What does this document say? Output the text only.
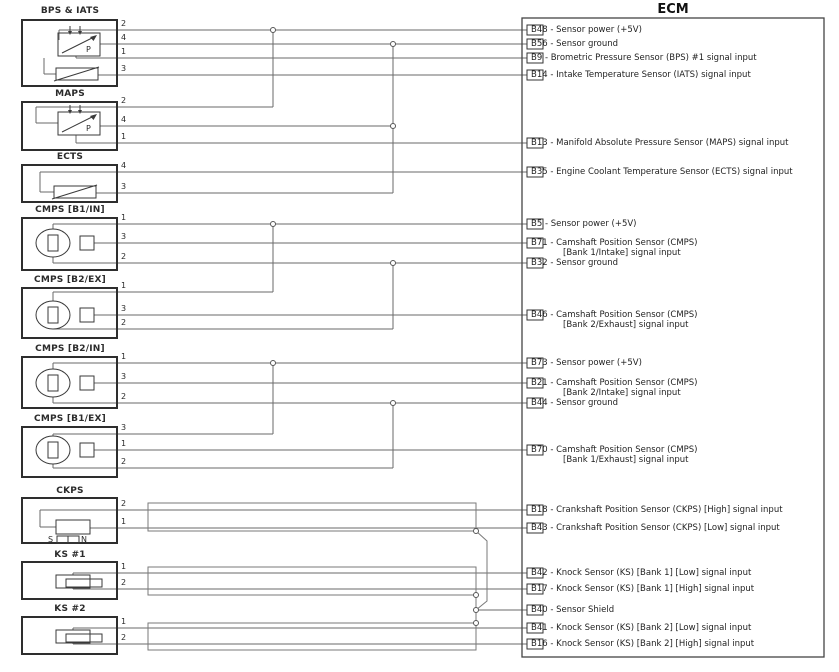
ECM
BPS & IATS
MAPS
ECTS
CMPS [B1/IN]
CMPS [B2/EX]
CMPS [B2/IN]
CMPS [B1/EX]
CKPS
KS #1
KS #2
2
4
1
3
2
4
1
4
3
1
3
2
1
3
2
1
3
2
3
1
2
2
1
1
2
1
2
P
P
S	N
B48 - Sensor power (+5V)
B56 - Sensor ground
B9 - Brometric Pressure Sensor (BPS) #1 signal input
B14 - Intake Temperature Sensor (IATS) signal input
B13 - Manifold Absolute Pressure Sensor (MAPS) signal input
B35 - Engine Coolant Temperature Sensor (ECTS) signal input
B5 - Sensor power (+5V)
B71 - Camshaft Position Sensor (CMPS)
[Bank 1/Intake] signal input
B32 - Sensor ground
B46 - Camshaft Position Sensor (CMPS)
[Bank 2/Exhaust] signal input
B73 - Sensor power (+5V)
B21 - Camshaft Position Sensor (CMPS)
[Bank 2/Intake] signal input
B44 - Sensor ground
B70 - Camshaft Position Sensor (CMPS)
[Bank 1/Exhaust] signal input
B18 - Crankshaft Position Sensor (CKPS) [High] signal input
B43 - Crankshaft Position Sensor (CKPS) [Low] signal input
B42 - Knock Sensor (KS) [Bank 1] [Low] signal input
B17 - Knock Sensor (KS) [Bank 1] [High] signal input
B40 - Sensor Shield
B41 - Knock Sensor (KS) [Bank 2] [Low] signal input
B16 - Knock Sensor (KS) [Bank 2] [High] signal input
